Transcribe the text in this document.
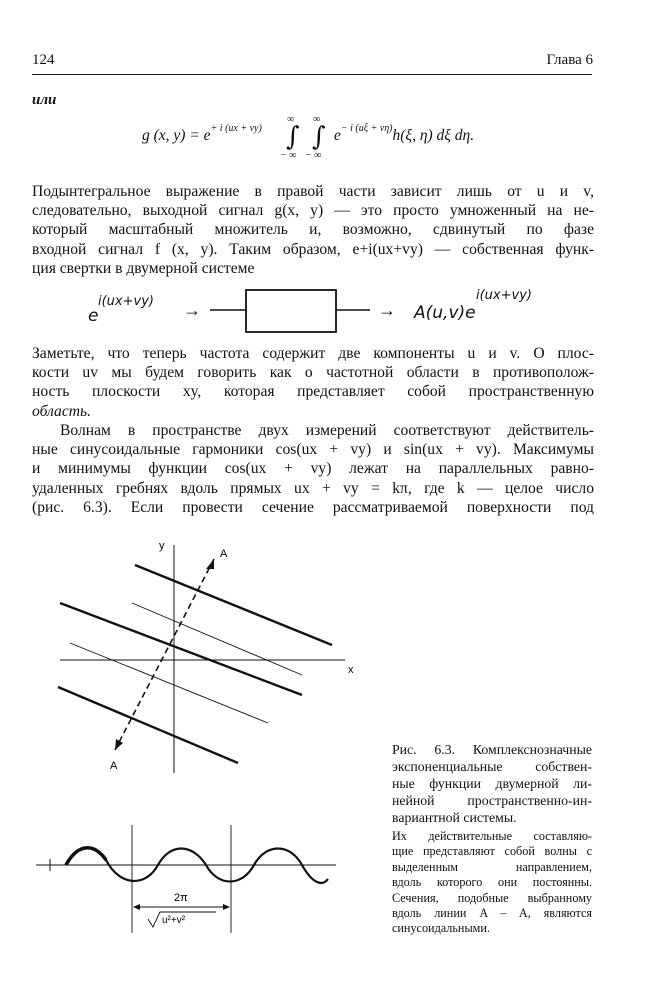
124	Глава 6
или
g (x, $y) = e^{+ i (ux + vy)}$
∞ ∞
∫ ∫
− ∞ − ∞
$e^{- i (u\xi + v\eta)}h(\xi$, η) dξ dη.
Подынтегральное выражение в правой части зависит лишь от u и v,
следовательно, выходной сигнал g(x, y) — это просто умноженный на не-
который масштабный множитель и, возможно, сдвинутый по фазе
входной сигнал f (x, y). Таким образом, e+i(ux+vy) — собственная функ-
ция свертки в двумерной системе
e
i(ux+vy) →	→ A(u,v)e
i(ux+vy)
Заметьте, что теперь частота содержит две компоненты u и v. О плос-
кости uv мы будем говорить как о частотной области в противополож-
ность плоскости xy, которая представляет собой пространственную
область.
Волнам в пространстве двух измерений соответствуют действитель-
ные синусоидальные гармоники cos(ux + vy) и sin(ux + vy). Максимумы
и минимумы функции cos(ux + vy) лежат на параллельных равно-
удаленных гребнях вдоль прямых ux + vy = kπ, где k — целое число
(рис. 6.3). Если провести сечение рассматриваемой поверхности под
y
x
A
A
Рис. 6.3. Комплекснозначные
экспоненциальные собствен-
ные функции двумерной ли-
нейной пространственно-ин-
вариантной системы.
Их действительные составляю-
щие представляют собой волны с
выделенным направлением,
вдоль которого они постоянны.
Сечения, подобные выбранному
вдоль линии A – A, являются
синусоидальными.
2π
u²+v²
